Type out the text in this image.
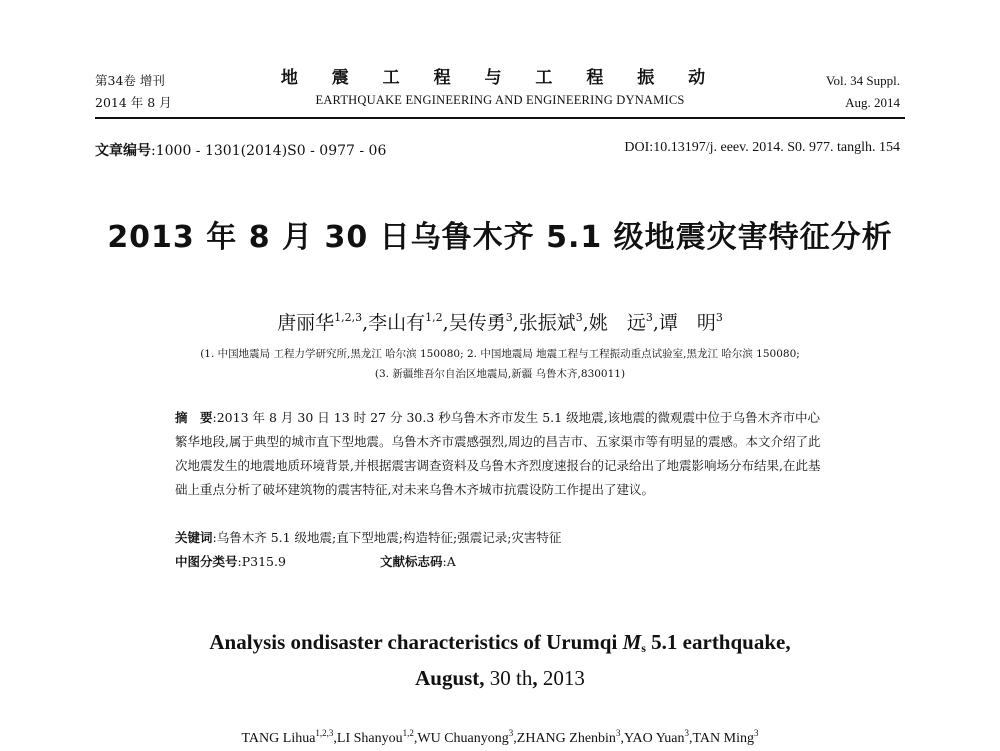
第34卷 增刊
2014 年 8 月
地 震 工 程 与 工 程 振 动
EARTHQUAKE ENGINEERING AND ENGINEERING DYNAMICS
Vol. 34 Suppl.
Aug. 2014
文章编号:1000 - 1301(2014)S0 - 0977 - 06	DOI:10.13197/j. eeev. 2014. S0. 977. tanglh. 154
2013 年 8 月 30 日乌鲁木齐 5.1 级地震灾害特征分析
唐丽华$^{1,2,3}$,李山有$^{1,2}$,吴传勇$^3$,张振斌$^3$,姚　远$^3$,谭　明$^3$
(1. 中国地震局 工程力学研究所,黑龙江 哈尔滨 150080; 2. 中国地震局 地震工程与工程振动重点试验室,黑龙江 哈尔滨 150080;
(3. 新疆维吾尔自治区地震局,新疆 乌鲁木齐,830011)
摘　要:2013 年 8 月 30 日 13 时 27 分 30.3 秒乌鲁木齐市发生 5.1 级地震,该地震的微观震中位于乌鲁木齐市中心繁华地段,属于典型的城市直下型地震。乌鲁木齐市震感强烈,周边的昌吉市、五家渠市等有明显的震感。本文介绍了此次地震发生的地震地质环境背景,并根据震害调查资料及乌鲁木齐烈度速报台的记录给出了地震影响场分布结果,在此基础上重点分析了破坏建筑物的震害特征,对未来乌鲁木齐城市抗震设防工作提出了建议。
关键词:乌鲁木齐 5.1 级地震;直下型地震;构造特征;强震记录;灾害特征
中图分类号:P315.9	文献标志码:A
Analysis ondisaster characteristics of Urumqi $M_s$ 5.1 earthquake,
August, 30 th, 2013
TANG Lihua$^{1,2,3}$,LI Shanyou$^{1,2}$,WU Chuanyong$^3$,ZHANG Zhenbin$^3$,YAO Yuan$^3$,TAN Ming$^3$
